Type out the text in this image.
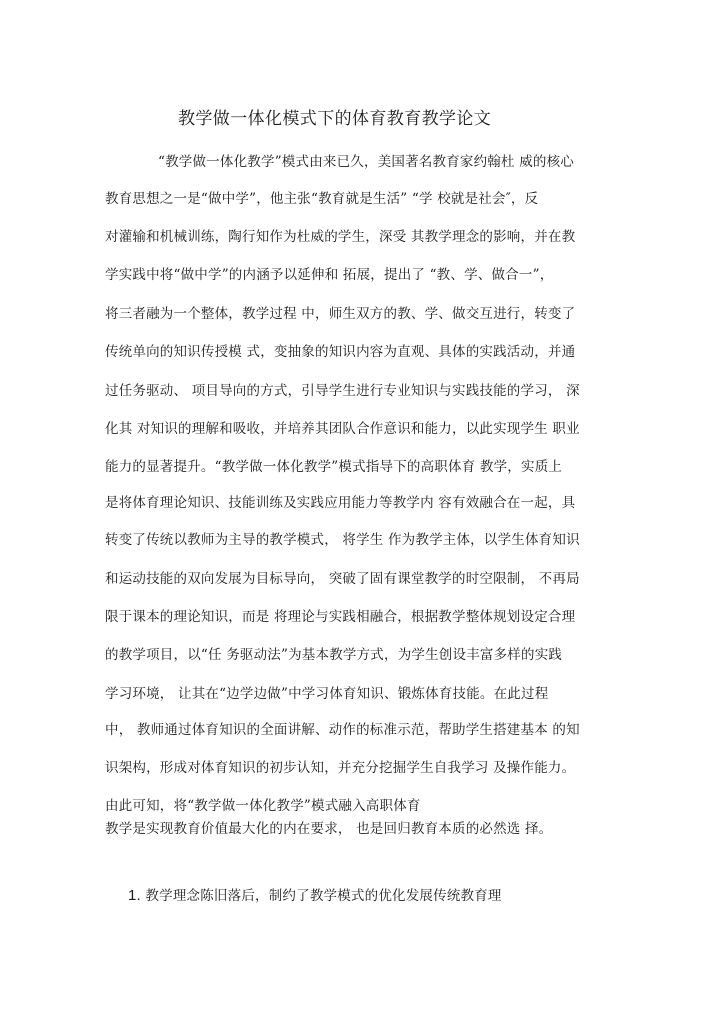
教学做一体化模式下的体育教育教学论文
“教学做一体化教学”模式由来已久，美国著名教育家约翰杜 威的核心
教育思想之一是“做中学”，他主张“教育就是生活” “学 校就是社会″，反
对灌输和机械训练，陶行知作为杜威的学生，深受 其教学理念的影响，并在教
学实践中将“做中学”的内涵予以延伸和 拓展，提出了 “教、学、做合一”，
将三者融为一个整体，教学过程 中，师生双方的教、学、做交互进行，转变了
传统单向的知识传授模 式，变抽象的知识内容为直观、具体的实践活动，并通
过任务驱动、 项目导向的方式，引导学生进行专业知识与实践技能的学习， 深
化其 对知识的理解和吸收，并培养其团队合作意识和能力，以此实现学生 职业
能力的显著提升。“教学做一体化教学”模式指导下的高职体育 教学，实质上
是将体育理论知识、技能训练及实践应用能力等教学内 容有效融合在一起，具
转变了传统以教师为主导的教学模式， 将学生 作为教学主体，以学生体育知识
和运动技能的双向发展为目标导向， 突破了固有课堂教学的时空限制， 不再局
限于课本的理论知识，而是 将理论与实践相融合，根据教学整体规划设定合理
的教学项目，以“任 务驱动法”为基本教学方式，为学生创设丰富多样的实践
学习环境， 让其在“边学边做”中学习体育知识、锻炼体育技能。在此过程
中， 教师通过体育知识的全面讲解、动作的标准示范，帮助学生搭建基本 的知
识架构，形成对体育知识的初步认知，并充分挖掘学生自我学习 及操作能力。
由此可知，将“教学做一体化教学”模式融入高职体育
教学是实现教育价值最大化的内在要求， 也是回归教育本质的必然选 择。
1. 教学理念陈旧落后，制约了教学模式的优化发展传统教育理
